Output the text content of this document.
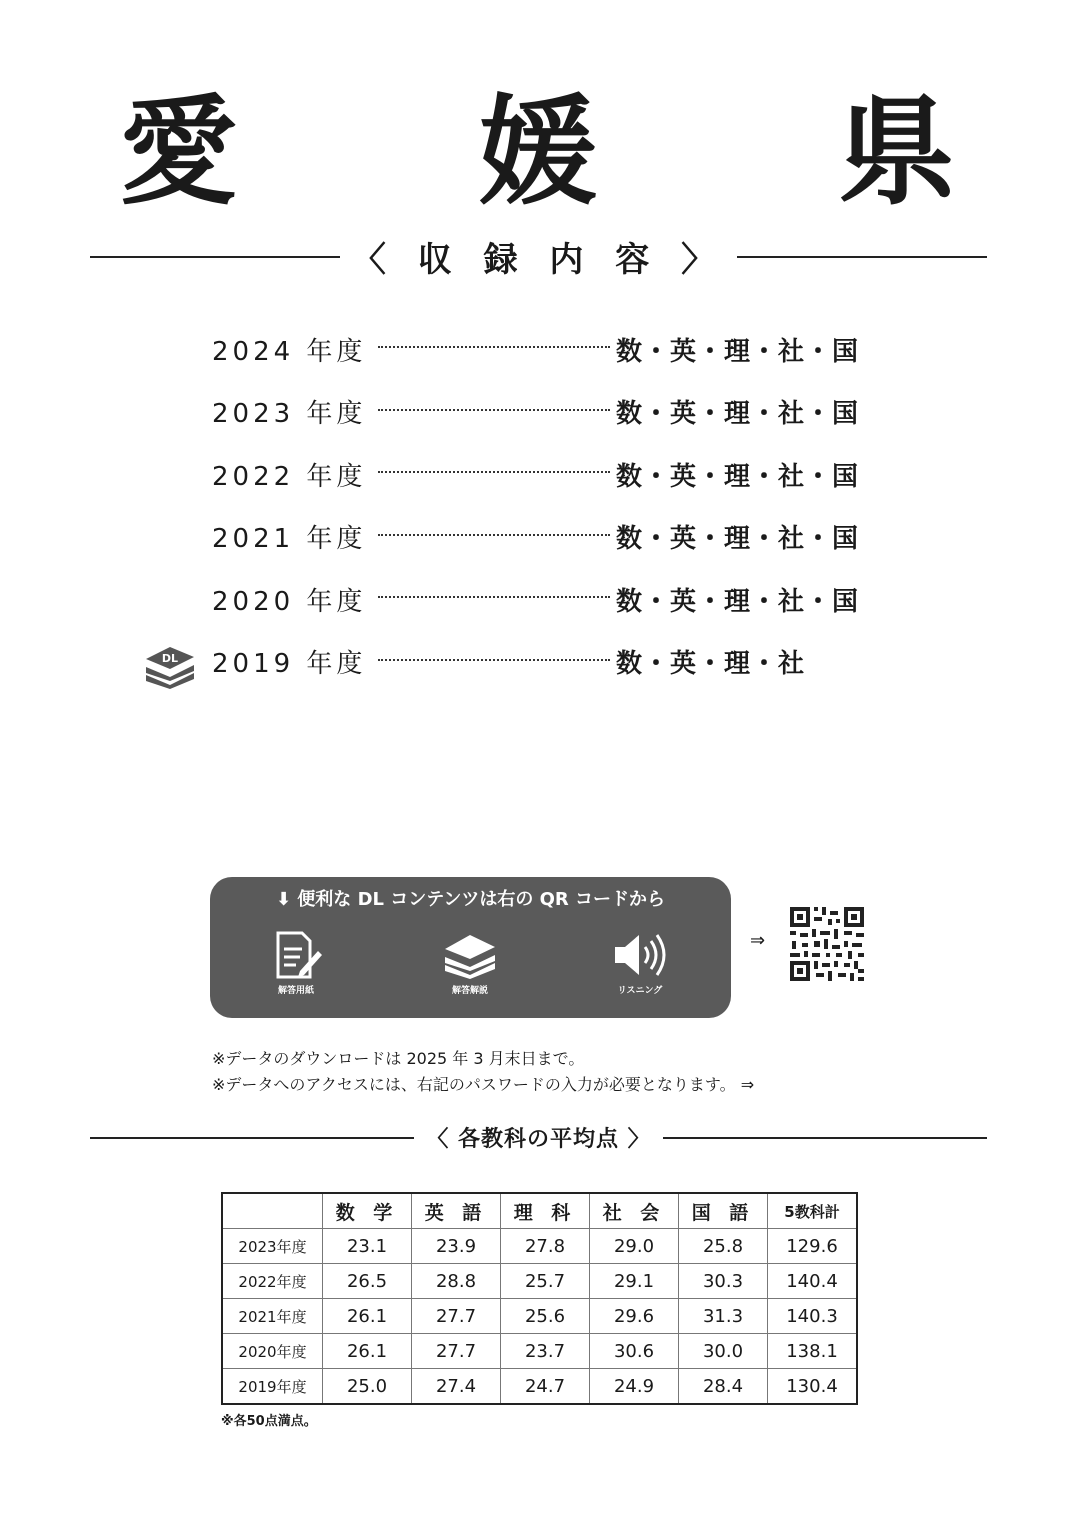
愛 媛 県
〈 収 録 内 容 〉
2024 年度	数・英・理・社・国
2023 年度	数・英・理・社・国
2022 年度	数・英・理・社・国
2021 年度	数・英・理・社・国
2020 年度	数・英・理・社・国
DL 2019 年度	数・英・理・社
⬇ 便利な DL コンテンツは右の QR コードから
解答用紙	解答解説	リスニング
⇒
※データのダウンロードは 2025 年 3 月末日まで。
※データへのアクセスには、右記のパスワードの入力が必要となります。 ⇒
〈 各教科の平均点 〉
	数 学	英 語	理 科	社 会	国 語	5教科計
2023年度	23.1	23.9	27.8	29.0	25.8	129.6
2022年度	26.5	28.8	25.7	29.1	30.3	140.4
2021年度	26.1	27.7	25.6	29.6	31.3	140.3
2020年度	26.1	27.7	23.7	30.6	30.0	138.1
2019年度	25.0	27.4	24.7	24.9	28.4	130.4
※各50点満点。
